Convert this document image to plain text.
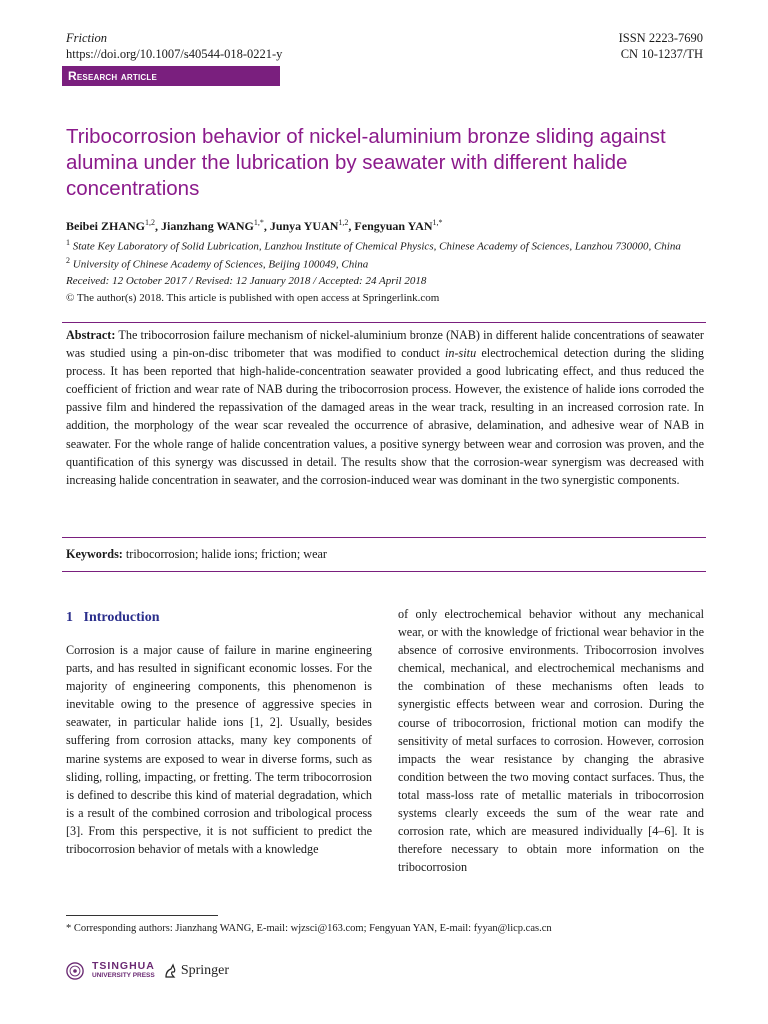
Friction
https://doi.org/10.1007/s40544-018-0221-y
ISSN 2223-7690
CN 10-1237/TH
Research article
Tribocorrosion behavior of nickel-aluminium bronze sliding against alumina under the lubrication by seawater with different halide concentrations
Beibei ZHANG$^{1,2}$, Jianzhang $WANG^{1,*}$, Junya YUAN$^{1,2}$, Fengyuan $YAN^{1,*}$
$^1$ State Key Laboratory of Solid Lubrication, Lanzhou Institute of Chemical Physics, Chinese Academy of Sciences, Lanzhou 730000, China
$^2$ University of Chinese Academy of Sciences, Beijing 100049, China
Received: 12 October 2017 / Revised: 12 January 2018 / Accepted: 24 April 2018
© The author(s) 2018. This article is published with open access at Springerlink.com
Abstract: The tribocorrosion failure mechanism of nickel-aluminium bronze (NAB) in different halide concentrations of seawater was studied using a pin-on-disc tribometer that was modified to conduct in-situ electrochemical detection during the sliding process. It has been reported that high-halide-concentration seawater provided a good lubricating effect, and thus reduced the coefficient of friction and wear rate of NAB during the tribocorrosion process. However, the existence of halide ions corroded the passive film and hindered the repassivation of the damaged areas in the wear track, resulting in an increased corrosion rate. In addition, the morphology of the wear scar revealed the occurrence of abrasive, delamination, and adhesive wear of NAB in seawater. For the whole range of halide concentration values, a positive synergy between wear and corrosion was proven, and the quantification of this synergy was discussed in detail. The results show that the corrosion-wear synergism was decreased with increasing halide concentration in seawater, and the corrosion-induced wear was dominant in the two synergistic components.
Keywords: tribocorrosion; halide ions; friction; wear
1 Introduction
Corrosion is a major cause of failure in marine engineering parts, and has resulted in significant economic losses. For the majority of engineering components, this phenomenon is inevitable owing to the presence of aggressive species in seawater, in particular halide ions [1, 2]. Usually, besides suffering from corrosion attacks, many key components of marine systems are exposed to wear in diverse forms, such as sliding, rolling, impacting, or fretting. The term tribocorrosion is defined to describe this kind of material degradation, which is a result of the combined corrosion and tribological process [3]. From this perspective, it is not sufficient to predict the tribocorrosion behavior of metals with a knowledge
of only electrochemical behavior without any mechanical wear, or with the knowledge of frictional wear behavior in the absence of corrosive environments. Tribocorrosion involves chemical, mechanical, and electrochemical mechanisms and the combination of these mechanisms often leads to synergistic effects between wear and corrosion. During the course of tribocorrosion, frictional motion can modify the sensitivity of metal surfaces to corrosion. However, corrosion impacts the wear resistance by changing the abrasive condition between the two moving contact surfaces. Thus, the total mass-loss rate of metallic materials in tribocorrosion systems clearly exceeds the sum of the wear rate and corrosion rate, which are measured individually [4–6]. It is therefore necessary to obtain more information on the tribocorrosion
* Corresponding authors: Jianzhang WANG, E-mail: wjzsci@163.com; Fengyuan YAN, E-mail: fyyan@licp.cas.cn
TSINGHUA
UNIVERSITY PRESS Springer
